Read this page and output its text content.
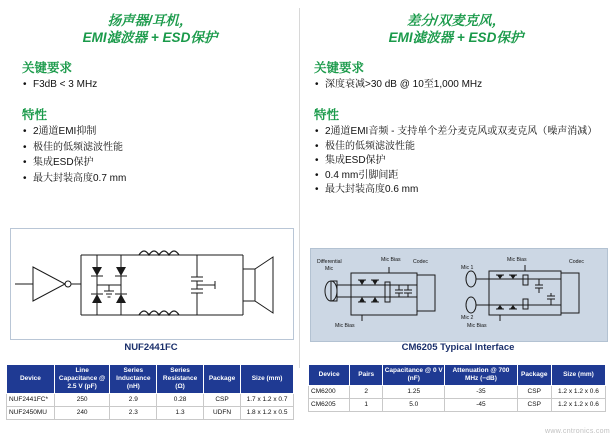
扬声器/耳机，
EMI滤波器 + ESD保护
关键要求
• F3dB < 3 MHz
特性
• 2通道EMI抑制
• 极佳的低频滤波性能
• 集成ESD保护
• 最大封装高度0.7 mm
NUF2441FC
Device	Line Capacitance @ 2.5 V (pF)	Series Inductance (nH)	Series Resistance (Ω)	Package	Size (mm)
NUF2441FC*	250	2.9	0.28	CSP	1.7 x 1.2 x 0.7
NUF2450MU	240	2.3	1.3	UDFN	1.8 x 1.2 x 0.5
差分/双麦克风，
EMI滤波器 + ESD保护
关键要求
• 深度衰减>30 dB @ 10至1,000 MHz
特性
• 2通道EMI音频 - 支持单个差分麦克风或双麦克风（噪声消减）
• 极佳的低频滤波性能
• 集成ESD保护
• 0.4 mm引脚间距
• 最大封装高度0.6 mm
Differential
Mic
Mic Bias Codec
Mic Bias
Mic Bias	Codec
Mic Bias
Mic 1
Mic 2
CM6205 Typical Interface
Device	Pairs	Capacitance @ 0 V (nF)	Attenuation @ 700 MHz (−dB)	Package	Size (mm)
CM6200	2	1.25	-35	CSP	1.2 x 1.2 x 0.6
CM6205	1	5.0	-45	CSP	1.2 x 1.2 x 0.6
www.cntronics.com
